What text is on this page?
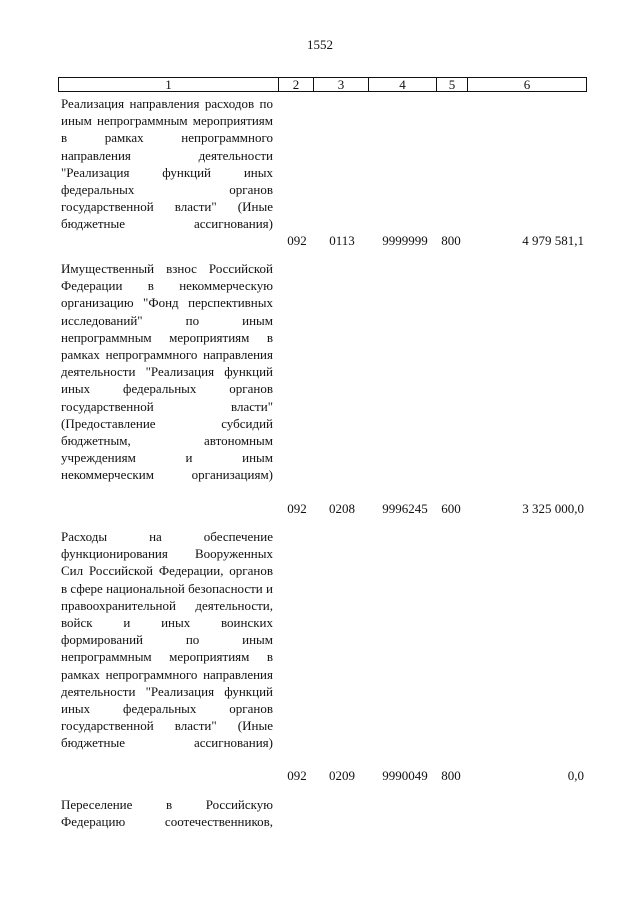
1552
1	2	3	4	5	6
Реализация направления расходов по иным непрограммным мероприятиям в рамках непрограммного направления деятельности "Реализация функций иных федеральных органов государственной власти" (Иные бюджетные ассигнования)
092	0113	9999999	800	4 979 581,1
Имущественный взнос Российской Федерации в некоммерческую организацию "Фонд перспективных исследований" по иным непрограммным мероприятиям в рамках непрограммного направления деятельности "Реализация функций иных федеральных органов государственной власти" (Предоставление субсидий бюджетным, автономным учреждениям и иным некоммерческим организациям)
092	0208	9996245	600	3 325 000,0
Расходы на обеспечение функционирования Вооруженных Сил Российской Федерации, органов в сфере национальной безопасности и правоохранительной деятельности, войск и иных воинских формирований по иным непрограммным мероприятиям в рамках непрограммного направления деятельности "Реализация функций иных федеральных органов государственной власти" (Иные бюджетные ассигнования)
092	0209	9990049	800	0,0
Переселение в Российскую Федерацию соотечественников,
